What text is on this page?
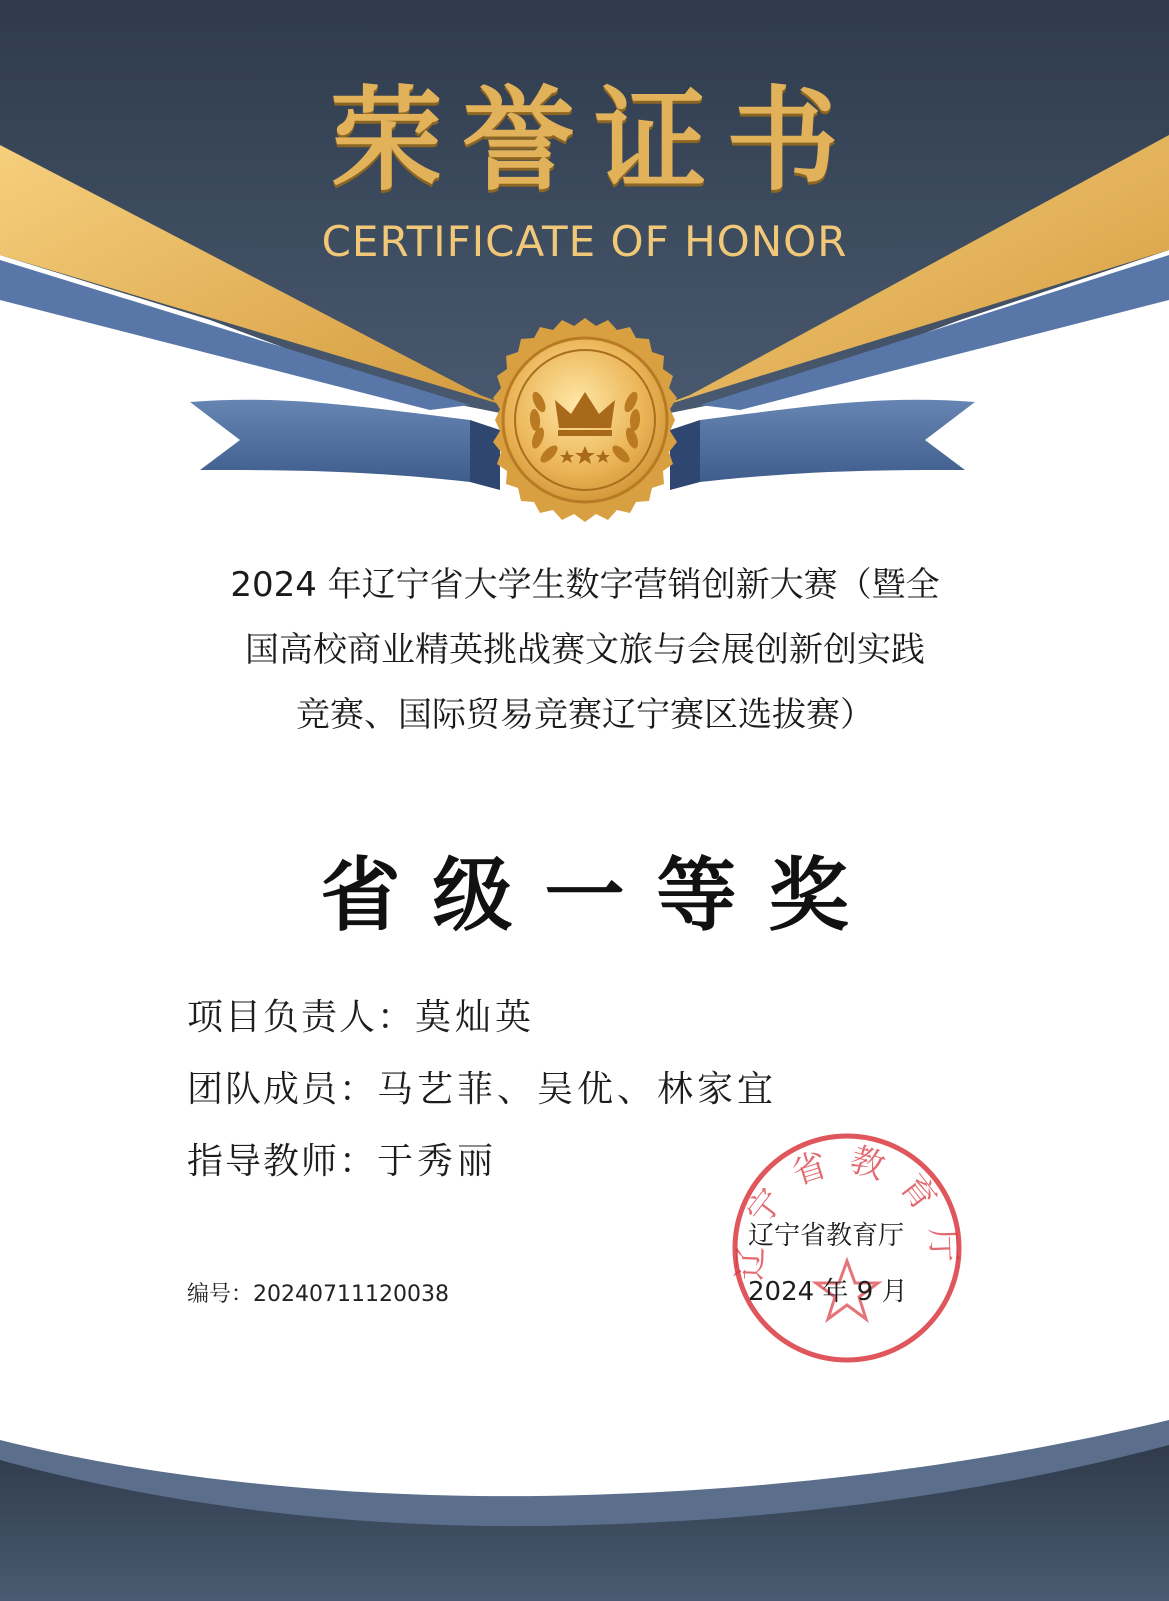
荣誉证书
CERTIFICATE OF HONOR
2024 年辽宁省大学生数字营销创新大赛（暨全
国高校商业精英挑战赛文旅与会展创新创实践
竞赛、国际贸易竞赛辽宁赛区选拔赛）
省级一等奖
项目负责人：莫灿英
团队成员：马艺菲、吴优、林家宜
指导教师：于秀丽
编号：20240711120038
辽宁省教育厅
辽宁省教育厅
2024 年 9 月
